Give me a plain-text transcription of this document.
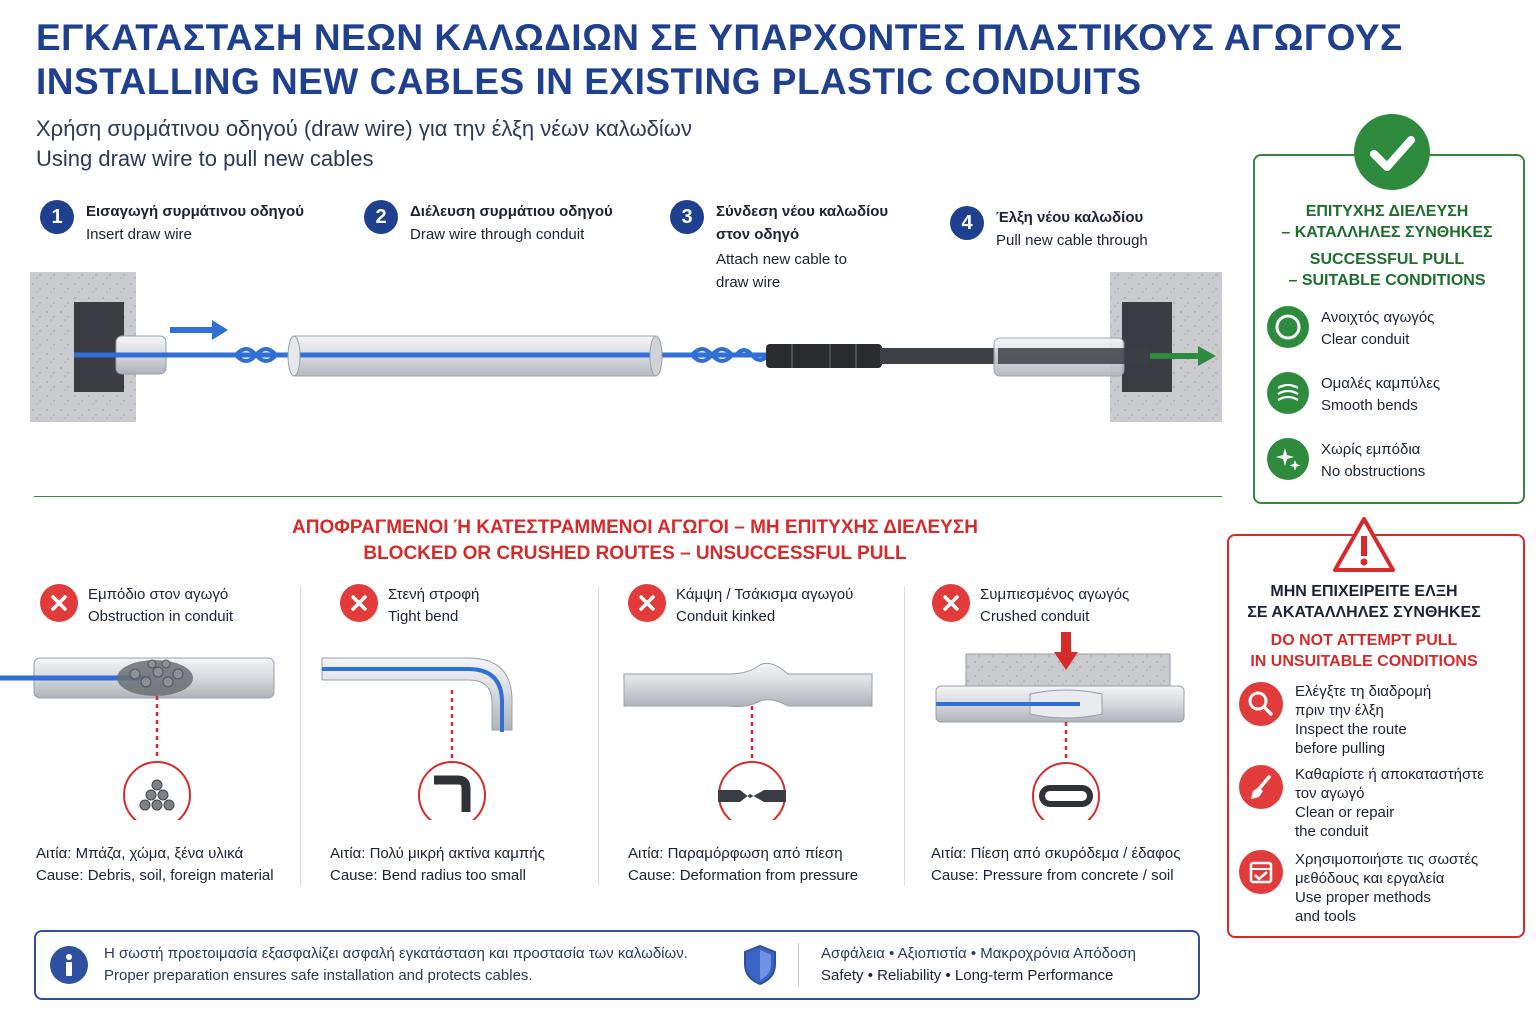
ΕΓΚΑΤΑΣΤΑΣΗ ΝΕΩΝ ΚΑΛΩΔΙΩΝ ΣΕ ΥΠΑΡΧΟΝΤΕΣ ΠΛΑΣΤΙΚΟΥΣ ΑΓΩΓΟΥΣ
INSTALLING NEW CABLES IN EXISTING PLASTIC CONDUITS
Χρήση συρμάτινου οδηγού (draw wire) για την έλξη νέων καλωδίων
Using draw wire to pull new cables
1	Εισαγωγή συρμάτινου οδηγού
Insert draw wire
2	Διέλευση συρμάτιου οδηγού
Draw wire through conduit
3	Σύνδεση νέου καλωδίου στον οδηγό
Attach new cable to draw wire
4	Έλξη νέου καλωδίου
Pull new cable through
ΕΠΙΤΥΧΗΣ ΔΙΕΛΕΥΣΗ
– ΚΑΤΑΛΛΗΛΕΣ ΣΥΝΘΗΚΕΣ
SUCCESSFUL PULL
– SUITABLE CONDITIONS
Ανοιχτός αγωγός
Clear conduit
Ομαλές καμπύλες
Smooth bends
Χωρίς εμπόδια
No obstructions
ΑΠΟΦΡΑΓΜΕΝΟΙ Ή ΚΑΤΕΣΤΡΑΜΜΕΝΟΙ ΑΓΩΓΟΙ – ΜΗ ΕΠΙΤΥΧΗΣ ΔΙΕΛΕΥΣΗ
BLOCKED OR CRUSHED ROUTES – UNSUCCESSFUL PULL
Εμπόδιο στον αγωγό
Obstruction in conduit
Αιτία: Μπάζα, χώμα, ξένα υλικά
Cause: Debris, soil, foreign material
Στενή στροφή
Tight bend
Αιτία: Πολύ μικρή ακτίνα καμπής
Cause: Bend radius too small
Κάμψη / Τσάκισμα αγωγού
Conduit kinked
Αιτία: Παραμόρφωση από πίεση
Cause: Deformation from pressure
Συμπιεσμένος αγωγός
Crushed conduit
Αιτία: Πίεση από σκυρόδεμα / έδαφος
Cause: Pressure from concrete / soil
ΜΗΝ ΕΠΙΧΕΙΡΕΙΤΕ ΕΛΞΗ
ΣΕ ΑΚΑΤΑΛΛΗΛΕΣ ΣΥΝΘΗΚΕΣ
DO NOT ATTEMPT PULL
IN UNSUITABLE CONDITIONS
Ελέγξτε τη διαδρομή
πριν την έλξη
Inspect the route
before pulling
Καθαρίστε ή αποκαταστήστε
τον αγωγό
Clean or repair
the conduit
Χρησιμοποιήστε τις σωστές
μεθόδους και εργαλεία
Use proper methods
and tools
Η σωστή προετοιμασία εξασφαλίζει ασφαλή εγκατάσταση και προστασία των καλωδίων.
Proper preparation ensures safe installation and protects cables.
Ασφάλεια • Αξιοπιστία • Μακροχρόνια Απόδοση
Safety • Reliability • Long-term Performance
